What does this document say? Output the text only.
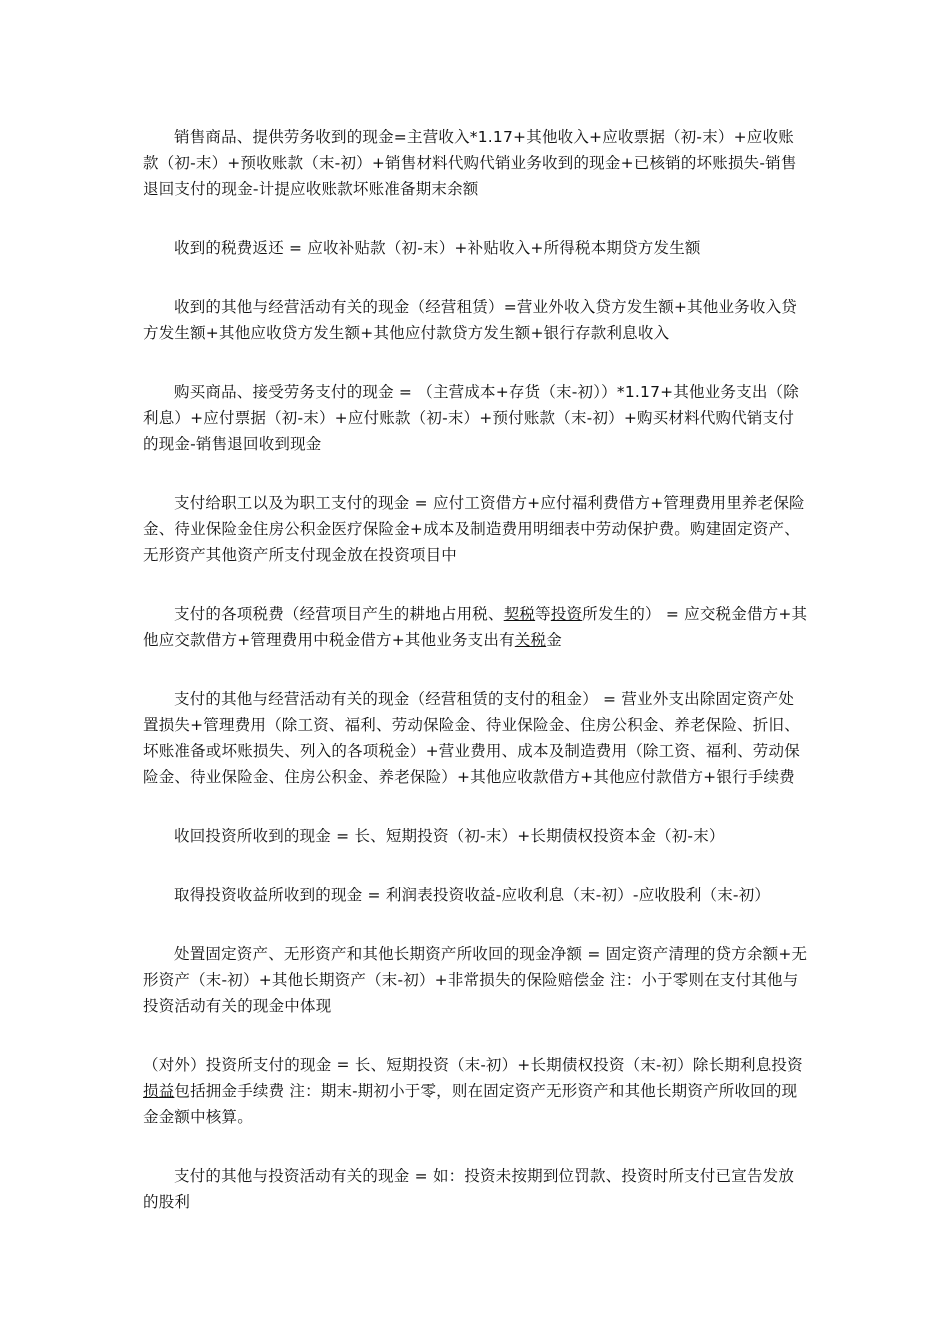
销售商品、提供劳务收到的现金=主营收入*1.17+其他收入+应收票据（初-末）+应收账款（初-末）+预收账款（末-初）+销售材料代购代销业务收到的现金+已核销的坏账损失-销售退回支付的现金-计提应收账款坏账准备期末余额

收到的税费返还 = 应收补贴款（初-末）+补贴收入+所得税本期贷方发生额

收到的其他与经营活动有关的现金（经营租赁）=营业外收入贷方发生额+其他业务收入贷方发生额+其他应收贷方发生额+其他应付款贷方发生额+银行存款利息收入

购买商品、接受劳务支付的现金 = （主营成本+存货（末-初））*1.17+其他业务支出（除利息）+应付票据（初-末）+应付账款（初-末）+预付账款（末-初）+购买材料代购代销支付的现金-销售退回收到现金

支付给职工以及为职工支付的现金 = 应付工资借方+应付福利费借方+管理费用里养老保险金、待业保险金住房公积金医疗保险金+成本及制造费用明细表中劳动保护费。购建固定资产、无形资产其他资产所支付现金放在投资项目中

支付的各项税费（经营项目产生的耕地占用税、契税等投资所发生的） = 应交税金借方+其他应交款借方+管理费用中税金借方+其他业务支出有关税金

支付的其他与经营活动有关的现金（经营租赁的支付的租金） = 营业外支出除固定资产处置损失+管理费用（除工资、福利、劳动保险金、待业保险金、住房公积金、养老保险、折旧、坏账准备或坏账损失、列入的各项税金）+营业费用、成本及制造费用（除工资、福利、劳动保险金、待业保险金、住房公积金、养老保险）+其他应收款借方+其他应付款借方+银行手续费

收回投资所收到的现金 = 长、短期投资（初-末）+长期债权投资本金（初-末）

取得投资收益所收到的现金 = 利润表投资收益-应收利息（末-初）-应收股利（末-初）

处置固定资产、无形资产和其他长期资产所收回的现金净额 = 固定资产清理的贷方余额+无形资产（末-初）+其他长期资产（末-初）+非常损失的保险赔偿金 注：小于零则在支付其他与投资活动有关的现金中体现

（对外）投资所支付的现金 = 长、短期投资（末-初）+长期债权投资（末-初）除长期利息投资损益包括拥金手续费 注：期末-期初小于零，则在固定资产无形资产和其他长期资产所收回的现金金额中核算。

支付的其他与投资活动有关的现金 = 如：投资未按期到位罚款、投资时所支付已宣告发放的股利
